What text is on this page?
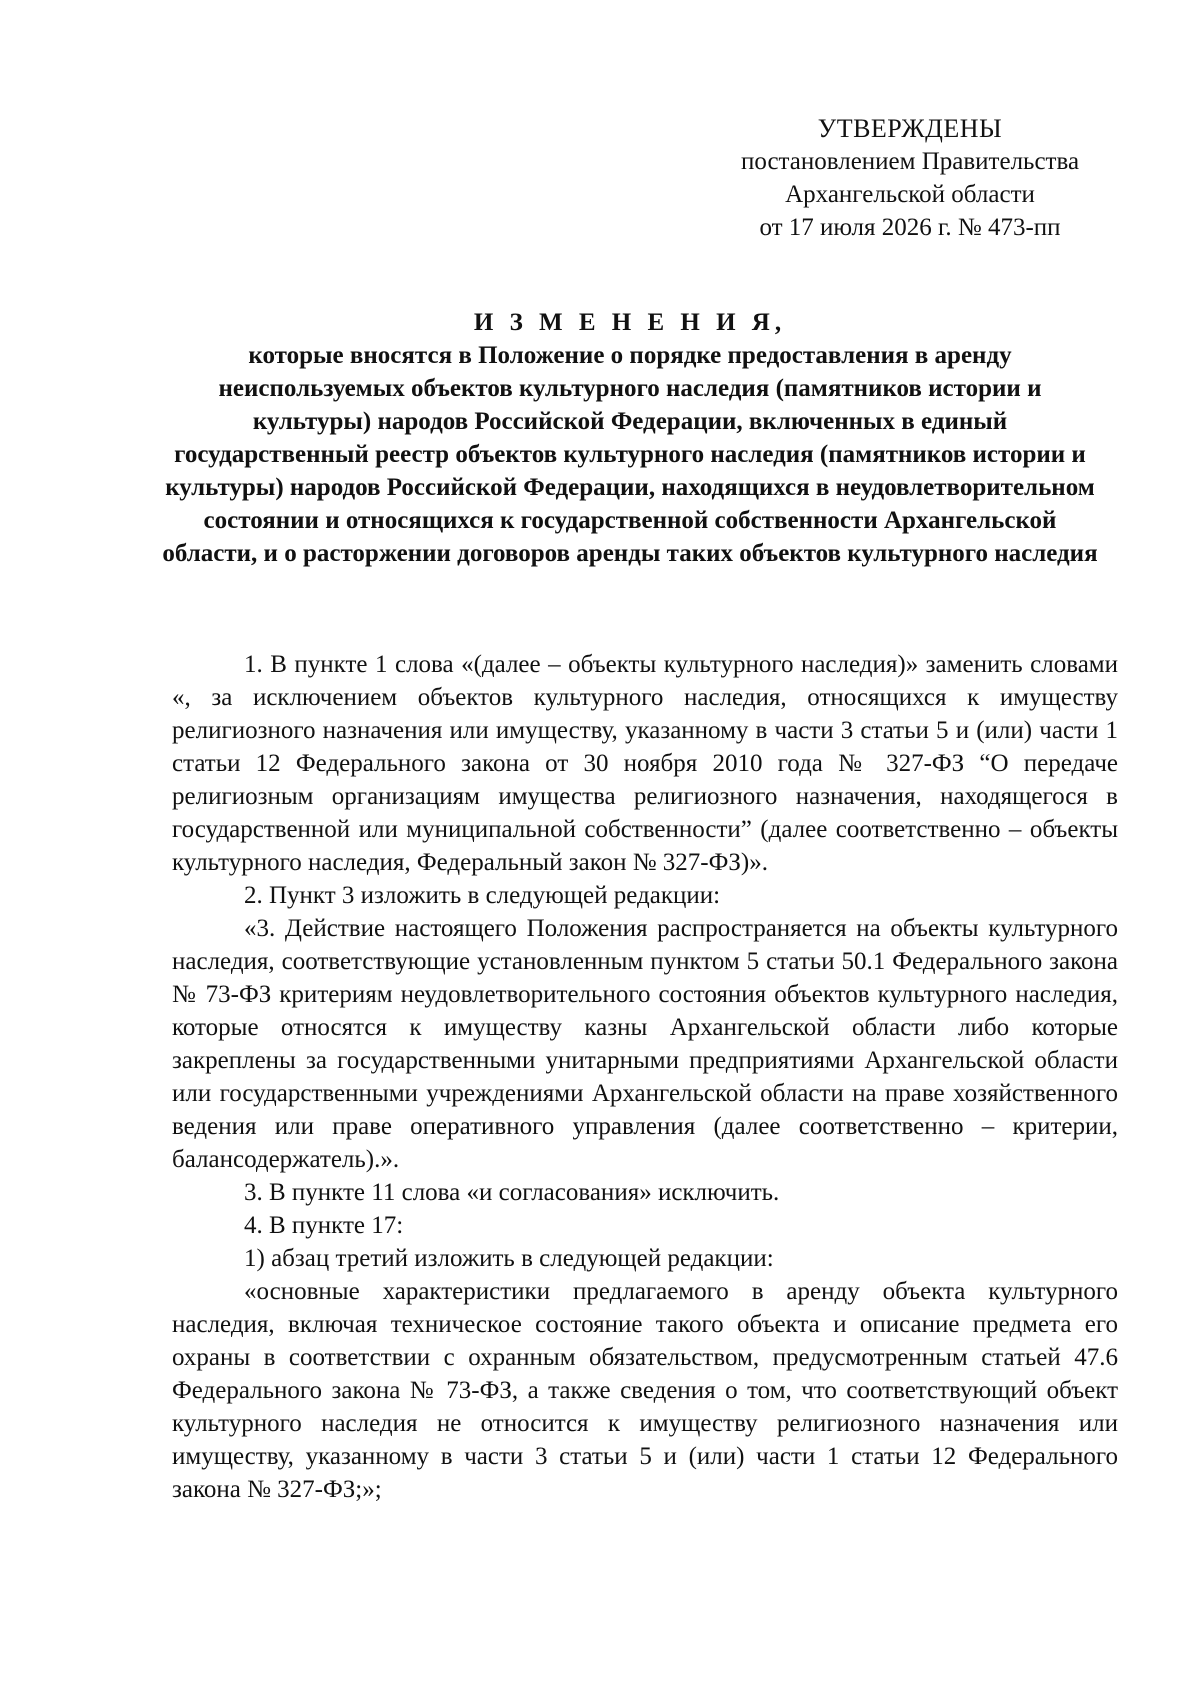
УТВЕРЖДЕНЫ
постановлением Правительства
Архангельской области
от 17 июля 2026 г. № 473-пп
И З М Е Н Е Н И Я,
которые вносятся в Положение о порядке предоставления в аренду неиспользуемых объектов культурного наследия (памятников истории и культуры) народов Российской Федерации, включенных в единый государственный реестр объектов культурного наследия (памятников истории и культуры) народов Российской Федерации, находящихся в неудовлетворительном состоянии и относящихся к государственной собственности Архангельской области, и о расторжении договоров аренды таких объектов культурного наследия

1. В пункте 1 слова «(далее – объекты культурного наследия)» заменить словами «, за исключением объектов культурного наследия, относящихся к имуществу религиозного назначения или имуществу, указанному в части 3 статьи 5 и (или) части 1 статьи 12 Федерального закона от 30 ноября 2010 года № 327-ФЗ “О передаче религиозным организациям имущества религиозного назначения, находящегося в государственной или муниципальной собственности” (далее соответственно – объекты культурного наследия, Федеральный закон № 327-ФЗ)».

2. Пункт 3 изложить в следующей редакции:

«3. Действие настоящего Положения распространяется на объекты культурного наследия, соответствующие установленным пунктом 5 статьи 50.1 Федерального закона № 73-ФЗ критериям неудовлетворительного состояния объектов культурного наследия, которые относятся к имуществу казны Архангельской области либо которые закреплены за государственными унитарными предприятиями Архангельской области или государственными учреждениями Архангельской области на праве хозяйственного ведения или праве оперативного управления (далее соответственно – критерии, балансодержатель).».

3. В пункте 11 слова «и согласования» исключить.

4. В пункте 17:

1) абзац третий изложить в следующей редакции:

«основные характеристики предлагаемого в аренду объекта культурного наследия, включая техническое состояние такого объекта и описание предмета его охраны в соответствии с охранным обязательством, предусмотренным статьей 47.6 Федерального закона № 73-ФЗ, а также сведения о том, что соответствующий объект культурного наследия не относится к имуществу религиозного назначения или имуществу, указанному в части 3 статьи 5 и (или) части 1 статьи 12 Федерального закона № 327-ФЗ;»;
